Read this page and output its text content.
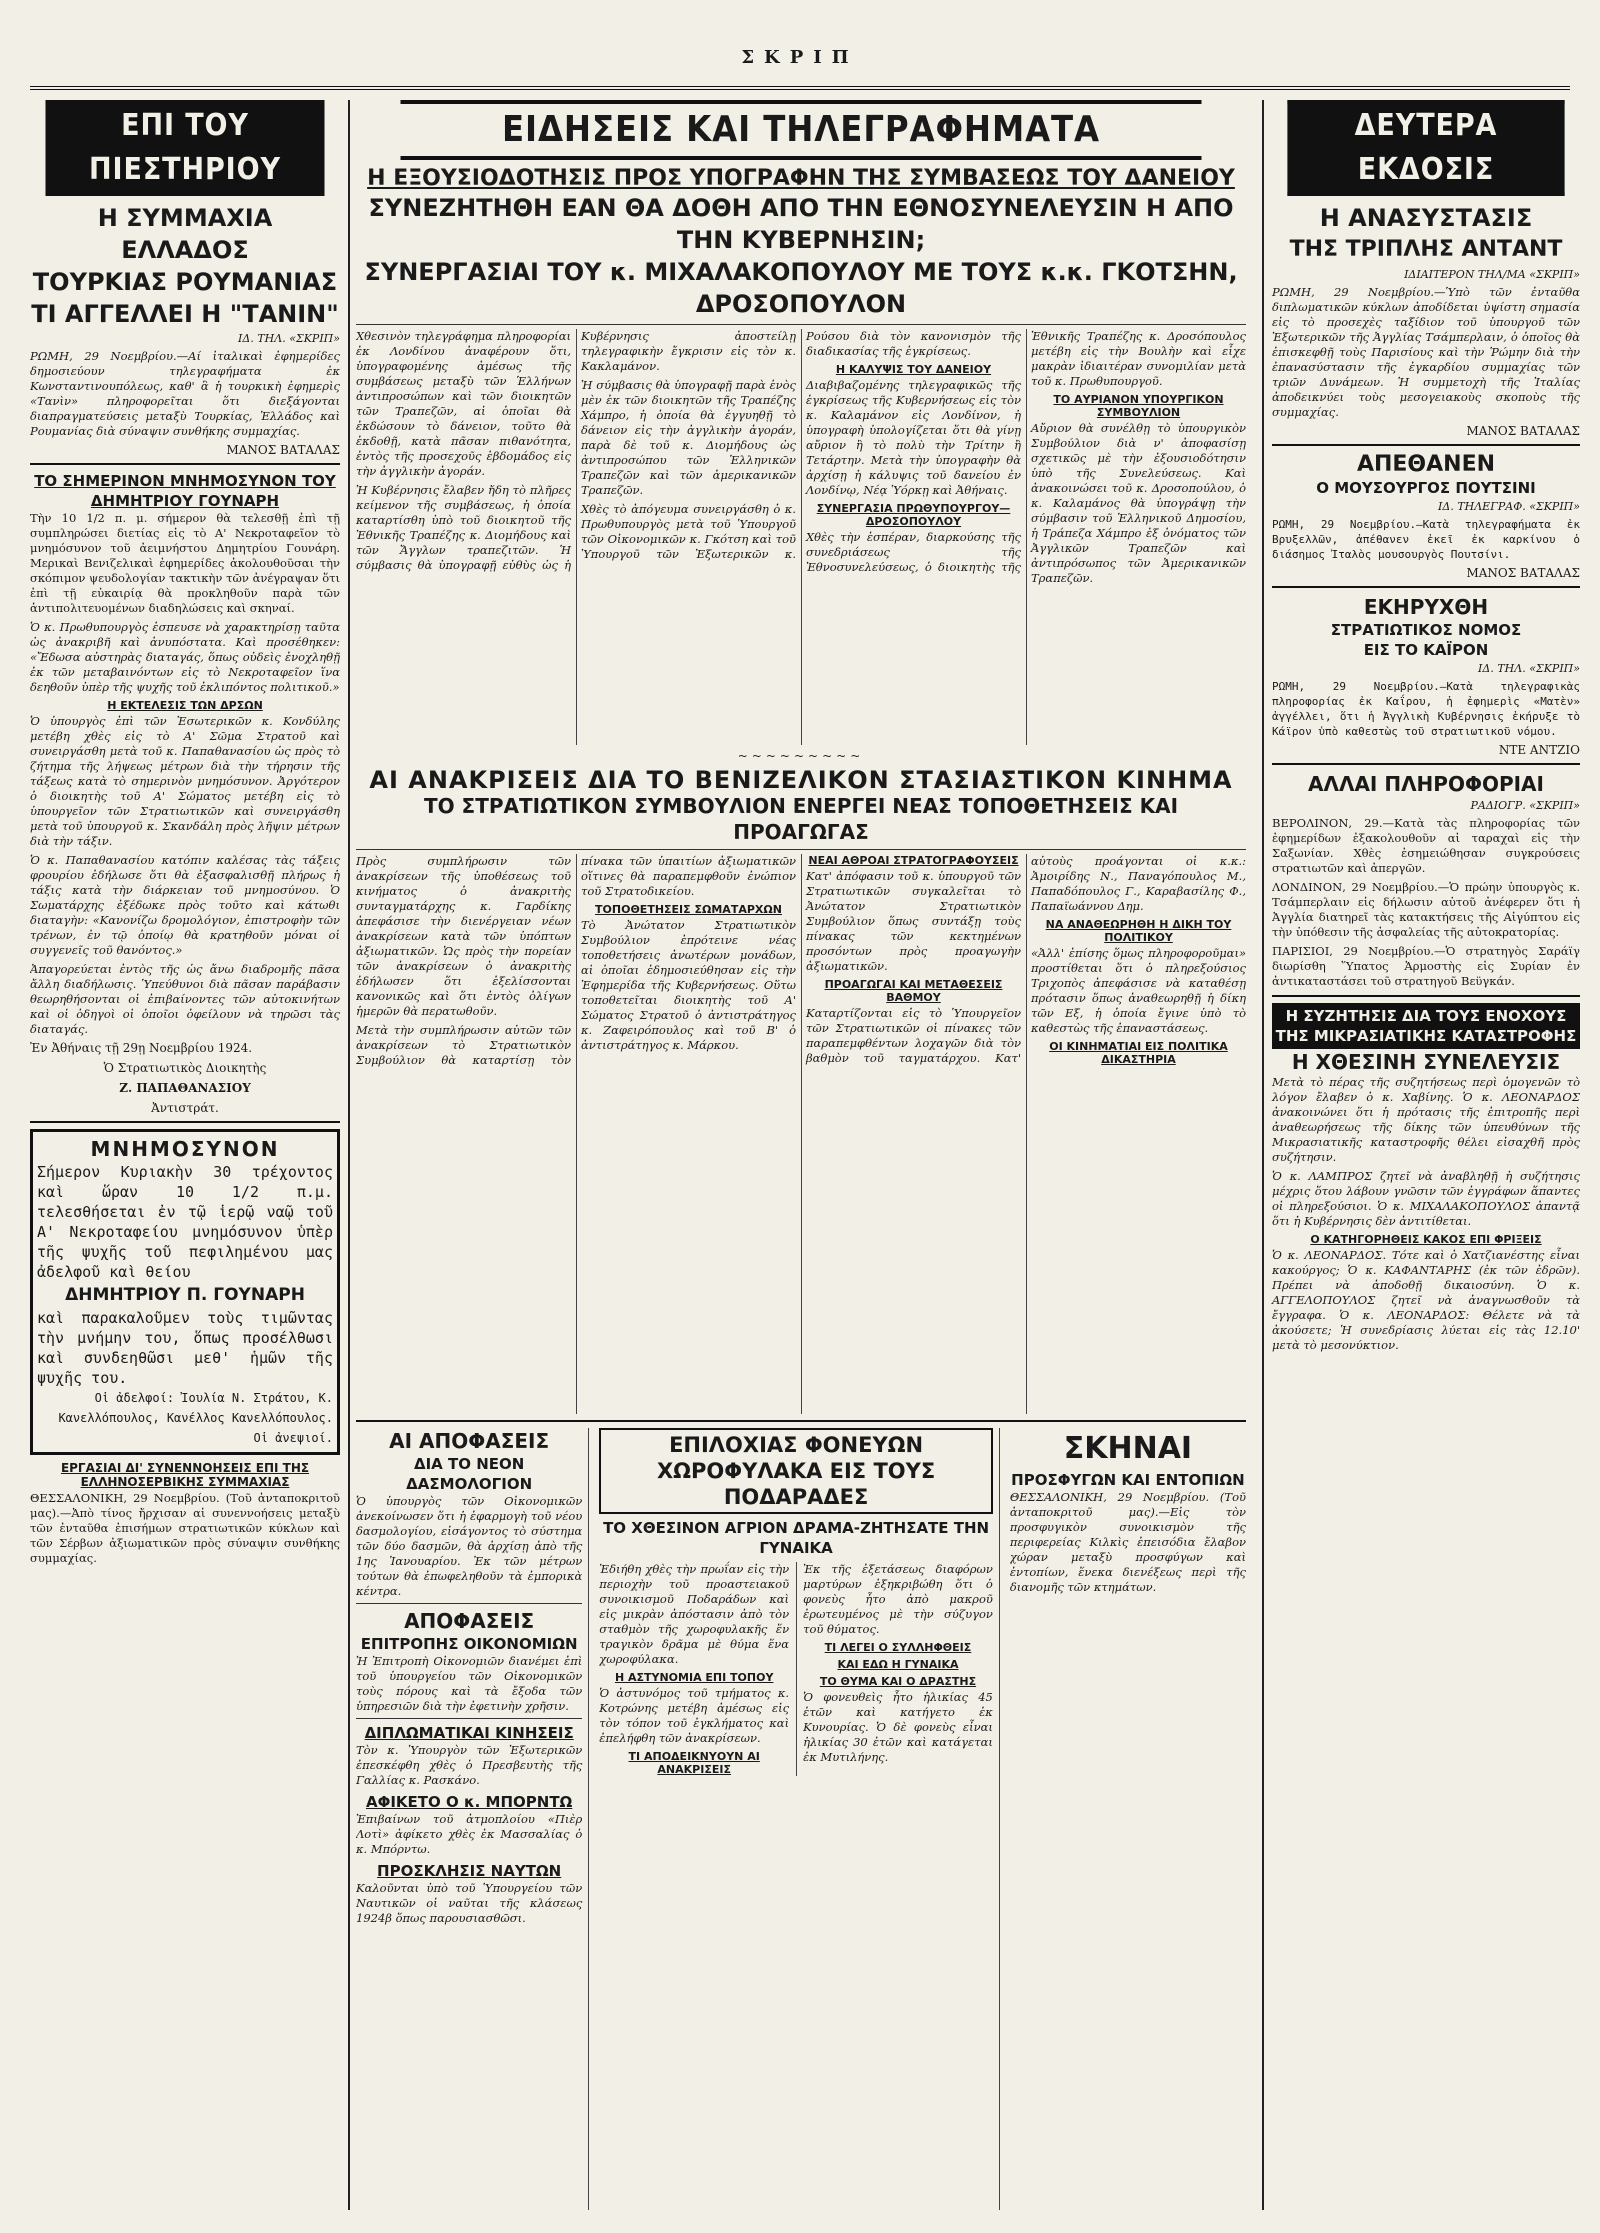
ΣΚΡΙΠ
ΕΠΙ ΤΟΥ ΠΙΕΣΤΗΡΙΟΥ
Η ΣΥΜΜΑΧΙΑ ΕΛΛΑΔΟΣ
ΤΟΥΡΚΙΑΣ ΡΟΥΜΑΝΙΑΣ
ΤΙ ΑΓΓΕΛΛΕΙ Η "ΤΑΝΙΝ"
ΙΔ. ΤΗΛ. «ΣΚΡΙΠ»

ΡΩΜΗ, 29 Νοεμβρίου.—Αί ἰταλικαὶ ἐφημερίδες δημοσιεύουν τηλεγραφήματα ἐκ Κωνσταντινουπόλεως, καθ' ἃ ἡ τουρκικὴ ἐφημερὶς «Τανὶν» πληροφορεῖται ὅτι διεξάγονται διαπραγματεύσεις μεταξὺ Τουρκίας, Ἑλλάδος καὶ Ρουμανίας διὰ σύναψιν συνθήκης συμμαχίας.

ΜΑΝΟΣ ΒΑΤΑΛΑΣ
ΤΟ ΣΗΜΕΡΙΝΟΝ ΜΝΗΜΟΣΥΝΟΝ ΤΟΥ ΔΗΜΗΤΡΙΟΥ ΓΟΥΝΑΡΗ

Τὴν 10 1/2 π. μ. σήμερον θὰ τελεσθῇ ἐπὶ τῇ συμπληρώσει διετίας εἰς τὸ Α' Νεκροταφεῖον τὸ μνημόσυνον τοῦ ἀειμνήστου Δημητρίου Γουνάρη. Μερικαὶ Βενιζελικαὶ ἐφημερίδες ἀκολουθοῦσαι τὴν σκόπιμον ψευδολογίαν τακτικὴν τῶν ἀνέγραψαν ὅτι ἐπὶ τῇ εὐκαιρίᾳ θὰ προκληθοῦν παρὰ τῶν ἀντιπολιτευομένων διαδηλώσεις καὶ σκηναί.

Ὁ κ. Πρωθυπουργὸς ἐσπευσε νὰ χαρακτηρίσῃ ταῦτα ὡς ἀνακριβῆ καὶ ἀνυπόστατα. Καὶ προσέθηκεν: «Ἔδωσα αὐστηρὰς διαταγάς, ὅπως οὐδεὶς ἐνοχληθῇ ἐκ τῶν μεταβαινόντων εἰς τὸ Νεκροταφεῖον ἵνα δεηθοῦν ὑπὲρ τῆς ψυχῆς τοῦ ἐκλιπόντος πολιτικοῦ.»

Η ΕΚΤΕΛΕΣΙΣ ΤΩΝ ΔΡΣΩΝ

Ὁ ὑπουργὸς ἐπὶ τῶν Ἐσωτερικῶν κ. Κονδύλης μετέβη χθὲς εἰς τὸ Α' Σῶμα Στρατοῦ καὶ συνειργάσθη μετὰ τοῦ κ. Παπαθανασίου ὡς πρὸς τὸ ζήτημα τῆς λήψεως μέτρων διὰ τὴν τήρησιν τῆς τάξεως κατὰ τὸ σημερινὸν μνημόσυνον. Ἀργότερον ὁ διοικητὴς τοῦ Α' Σώματος μετέβη εἰς τὸ ὑπουργεῖον τῶν Στρατιωτικῶν καὶ συνειργάσθη μετὰ τοῦ ὑπουργοῦ κ. Σκανδάλη πρὸς λῆψιν μέτρων διὰ τὴν τάξιν.

Ὁ κ. Παπαθανασίου κατόπιν καλέσας τὰς τάξεις φρουρίου ἐδήλωσε ὅτι θὰ ἐξασφαλισθῇ πλήρως ἡ τάξις κατὰ τὴν διάρκειαν τοῦ μνημοσύνου. Ὁ Σωματάρχης ἐξέδωκε πρὸς τοῦτο καὶ κάτωθι διαταγὴν: «Κανονίζω δρομολόγιον, ἐπιστροφὴν τῶν τρένων, ἐν τῷ ὁποίῳ θὰ κρατηθοῦν μόναι οἱ συγγενεῖς τοῦ θανόντος.»

Ἀπαγορεύεται ἐντὸς τῆς ὡς ἄνω διαδρομῆς πᾶσα ἄλλη διαδήλωσις. Ὑπεύθυνοι διὰ πᾶσαν παράβασιν θεωρηθήσονται οἱ ἐπιβαίνοντες τῶν αὐτοκινήτων καὶ οἱ ὁδηγοὶ οἱ ὁποῖοι ὀφείλουν νὰ τηρῶσι τὰς διαταγάς.

Ἐν Ἀθήναις τῇ 29ῃ Νοεμβρίου 1924.
Ὁ Στρατιωτικὸς Διοικητὴς
Ζ. ΠΑΠΑΘΑΝΑΣΙΟΥ
Ἀντιστράτ.
ΜΝΗΜΟΣΥΝΟΝ

Σήμερον Κυριακὴν 30 τρέχοντος καὶ ὥραν 10 1/2 π.μ. τελεσθήσεται ἐν τῷ ἱερῷ ναῷ τοῦ Α' Νεκροταφείου μνημόσυνον ὑπὲρ τῆς ψυχῆς τοῦ πεφιλημένου μας ἀδελφοῦ καὶ θείου

ΔΗΜΗΤΡΙΟΥ Π. ΓΟΥΝΑΡΗ

καὶ παρακαλοῦμεν τοὺς τιμῶντας τὴν μνήμην του, ὅπως προσέλθωσι καὶ συνδεηθῶσι μεθ' ἡμῶν τῆς ψυχῆς του.

Οἱ ἀδελφοί: Ἰουλία Ν. Στράτου, Κ. Κανελλόπουλος, Κανέλλος Κανελλόπουλος. Οἱ ἀνεψιοί.

ΕΡΓΑΣΙΑΙ ΔΙ' ΣΥΝΕΝΝΟΗΣΕΙΣ ΕΠΙ ΤΗΣ ΕΛΛΗΝΟΣΕΡΒΙΚΗΣ ΣΥΜΜΑΧΙΑΣ

ΘΕΣΣΑΛΟΝΙΚΗ, 29 Νοεμβρίου. (Τοῦ ἀνταποκριτοῦ μας).—Ἀπὸ τίνος ἤρχισαν αἱ συνεννοήσεις μεταξὺ τῶν ἐνταῦθα ἐπισήμων στρατιωτικῶν κύκλων καὶ τῶν Σέρβων ἀξιωματικῶν πρὸς σύναψιν συνθήκης συμμαχίας.

ΕΙΔΗΣΕΙΣ ΚΑΙ ΤΗΛΕΓΡΑΦΗΜΑΤΑ
Η ΕΞΟΥΣΙΟΔΟΤΗΣΙΣ ΠΡΟΣ ΥΠΟΓΡΑΦΗΝ ΤΗΣ ΣΥΜΒΑΣΕΩΣ ΤΟΥ ΔΑΝΕΙΟΥ
ΣΥΝΕΖΗΤΗΘΗ ΕΑΝ ΘΑ ΔΟΘΗ ΑΠΟ ΤΗΝ ΕΘΝΟΣΥΝΕΛΕΥΣΙΝ Η ΑΠΟ ΤΗΝ ΚΥΒΕΡΝΗΣΙΝ;
ΣΥΝΕΡΓΑΣΙΑΙ ΤΟΥ κ. ΜΙΧΑΛΑΚΟΠΟΥΛΟΥ ΜΕ ΤΟΥΣ κ.κ. ΓΚΟΤΣΗΝ, ΔΡΟΣΟΠΟΥΛΟΝ

Χθεσινὸν τηλεγράφημα πληροφορίαι ἐκ Λονδίνου ἀναφέρουν ὅτι, ὑπογραφομένης ἀμέσως τῆς συμβάσεως μεταξὺ τῶν Ἑλλήνων ἀντιπροσώπων καὶ τῶν διοικητῶν τῶν Τραπεζῶν, αἱ ὁποῖαι θὰ ἐκδώσουν τὸ δάνειον, τοῦτο θὰ ἐκδοθῇ, κατὰ πᾶσαν πιθανότητα, ἐντὸς τῆς προσεχοῦς ἑβδομάδος εἰς τὴν ἀγγλικὴν ἀγοράν.

Ἡ Κυβέρνησις ἔλαβεν ἤδη τὸ πλῆρες κείμενον τῆς συμβάσεως, ἡ ὁποία καταρτίσθη ὑπὸ τοῦ διοικητοῦ τῆς Ἐθνικῆς Τραπέζης κ. Διομήδους καὶ τῶν Ἄγγλων τραπεζιτῶν. Ἡ σύμβασις θὰ ὑπογραφῇ εὐθὺς ὡς ἡ Κυβέρνησις ἀποστείλῃ τηλεγραφικὴν ἔγκρισιν εἰς τὸν κ. Κακλαμάνον.

Ἡ σύμβασις θὰ ὑπογραφῇ παρὰ ἑνὸς μὲν ἐκ τῶν διοικητῶν τῆς Τραπέζης Χάμπρο, ἡ ὁποία θὰ ἐγγυηθῇ τὸ δάνειον εἰς τὴν ἀγγλικὴν ἀγοράν, παρὰ δὲ τοῦ κ. Διομήδους ὡς ἀντιπροσώπου τῶν Ἑλληνικῶν Τραπεζῶν καὶ τῶν ἀμερικανικῶν Τραπεζῶν.

Χθὲς τὸ ἀπόγευμα συνειργάσθη ὁ κ. Πρωθυπουργὸς μετὰ τοῦ Ὑπουργοῦ τῶν Οἰκονομικῶν κ. Γκότση καὶ τοῦ Ὑπουργοῦ τῶν Ἐξωτερικῶν κ. Ρούσου διὰ τὸν κανονισμὸν τῆς διαδικασίας τῆς ἐγκρίσεως.

Η ΚΑΛΥΨΙΣ ΤΟΥ ΔΑΝΕΙΟΥ

Διαβιβαζομένης τηλεγραφικῶς τῆς ἐγκρίσεως τῆς Κυβερνήσεως εἰς τὸν κ. Καλαμάνον εἰς Λονδίνον, ἡ ὑπογραφὴ ὑπολογίζεται ὅτι θὰ γίνῃ αὔριον ἢ τὸ πολὺ τὴν Τρίτην ἢ Τετάρτην. Μετὰ τὴν ὑπογραφὴν θὰ ἀρχίσῃ ἡ κάλυψις τοῦ δανείου ἐν Λονδίνῳ, Νέᾳ Ὑόρκῃ καὶ Ἀθήναις.

ΣΥΝΕΡΓΑΣΙΑ ΠΡΩΘΥΠΟΥΡΓΟΥ—ΔΡΟΣΟΠΟΥΛΟΥ

Χθὲς τὴν ἑσπέραν, διαρκούσης τῆς συνεδριάσεως τῆς Ἐθνοσυνελεύσεως, ὁ διοικητὴς τῆς Ἐθνικῆς Τραπέζης κ. Δροσόπουλος μετέβη εἰς τὴν Βουλὴν καὶ εἶχε μακρὰν ἰδιαιτέραν συνομιλίαν μετὰ τοῦ κ. Πρωθυπουργοῦ.

ΤΟ ΑΥΡΙΑΝΟΝ ΥΠΟΥΡΓΙΚΟΝ ΣΥΜΒΟΥΛΙΟΝ

Αὔριον θὰ συνέλθῃ τὸ ὑπουργικὸν Συμβούλιον διὰ ν' ἀποφασίσῃ σχετικῶς μὲ τὴν ἐξουσιοδότησιν ὑπὸ τῆς Συνελεύσεως. Καὶ ἀνακοινώσει τοῦ κ. Δροσοπούλου, ὁ κ. Καλαμάνος θὰ ὑπογράψῃ τὴν σύμβασιν τοῦ Ἑλληνικοῦ Δημοσίου, ἡ Τράπεζα Χάμπρο ἐξ ὀνόματος τῶν Ἀγγλικῶν Τραπεζῶν καὶ ἀντιπρόσωπος τῶν Ἀμερικανικῶν Τραπεζῶν.

~~~~~~~~~
ΑΙ ΑΝΑΚΡΙΣΕΙΣ ΔΙΑ ΤΟ ΒΕΝΙΖΕΛΙΚΟΝ ΣΤΑΣΙΑΣΤΙΚΟΝ ΚΙΝΗΜΑ
ΤΟ ΣΤΡΑΤΙΩΤΙΚΟΝ ΣΥΜΒΟΥΛΙΟΝ ΕΝΕΡΓΕΙ ΝΕΑΣ ΤΟΠΟΘΕΤΗΣΕΙΣ ΚΑΙ ΠΡΟΑΓΩΓΑΣ

Πρὸς συμπλήρωσιν τῶν ἀνακρίσεων τῆς ὑποθέσεως τοῦ κινήματος ὁ ἀνακριτὴς συνταγματάρχης κ. Γαρδίκης ἀπεφάσισε τὴν διενέργειαν νέων ἀνακρίσεων κατὰ τῶν ὑπόπτων ἀξιωματικῶν. Ὡς πρὸς τὴν πορείαν τῶν ἀνακρίσεων ὁ ἀνακριτὴς ἐδήλωσεν ὅτι ἐξελίσσονται κανονικῶς καὶ ὅτι ἐντὸς ὀλίγων ἡμερῶν θὰ περατωθοῦν.

Μετὰ τὴν συμπλήρωσιν αὐτῶν τῶν ἀνακρίσεων τὸ Στρατιωτικὸν Συμβούλιον θὰ καταρτίσῃ τὸν πίνακα τῶν ὑπαιτίων ἀξιωματικῶν οἵτινες θὰ παραπεμφθοῦν ἐνώπιον τοῦ Στρατοδικείου.

ΤΟΠΟΘΕΤΗΣΕΙΣ ΣΩΜΑΤΑΡΧΩΝ

Τὸ Ἀνώτατον Στρατιωτικὸν Συμβούλιον ἐπρότεινε νέας τοποθετήσεις ἀνωτέρων μονάδων, αἱ ὁποῖαι ἐδημοσιεύθησαν εἰς τὴν Ἐφημερίδα τῆς Κυβερνήσεως. Οὕτω τοποθετεῖται διοικητὴς τοῦ Α' Σώματος Στρατοῦ ὁ ἀντιστράτηγος κ. Ζαφειρόπουλος καὶ τοῦ Β' ὁ ἀντιστράτηγος κ. Μάρκου.

ΝΕΑΙ ΑΘΡΟΑΙ ΣΤΡΑΤΟΓΡΑΦΟΥΣΕΙΣ

Κατ' ἀπόφασιν τοῦ κ. ὑπουργοῦ τῶν Στρατιωτικῶν συγκαλεῖται τὸ Ἀνώτατον Στρατιωτικὸν Συμβούλιον ὅπως συντάξῃ τοὺς πίνακας τῶν κεκτημένων προσόντων πρὸς προαγωγὴν ἀξιωματικῶν.

ΠΡΟΑΓΩΓΑΙ ΚΑΙ ΜΕΤΑΘΕΣΕΙΣ ΒΑΘΜΟΥ

Καταρτίζονται εἰς τὸ Ὑπουργεῖον τῶν Στρατιωτικῶν οἱ πίνακες τῶν παραπεμφθέντων λοχαγῶν διὰ τὸν βαθμὸν τοῦ ταγματάρχου. Κατ' αὐτοὺς προάγονται οἱ κ.κ.: Ἀμοιρίδης Ν., Παναγόπουλος Μ., Παπαδόπουλος Γ., Καραβασίλης Φ., Παπαϊωάννου Δημ.

ΝΑ ΑΝΑΘΕΩΡΗΘΗ Η ΔΙΚΗ ΤΟΥ ΠΟΛΙΤΙΚΟΥ

«Ἀλλ' ἐπίσης ὅμως πληροφοροῦμαι» προστίθεται ὅτι ὁ πληρεξούσιος Τριχοπὸς ἀπεφάσισε νὰ καταθέσῃ πρότασιν ὅπως ἀναθεωρηθῇ ἡ δίκη τῶν Εξ, ἡ ὁποία ἔγινε ὑπὸ τὸ καθεστὼς τῆς ἐπαναστάσεως.

ΟΙ ΚΙΝΗΜΑΤΙΑΙ ΕΙΣ ΠΟΛΙΤΙΚΑ ΔΙΚΑΣΤΗΡΙΑ
ΑΙ ΑΠΟΦΑΣΕΙΣ
ΔΙΑ ΤΟ ΝΕΟΝ ΔΑΣΜΟΛΟΓΙΟΝ

Ὁ ὑπουργὸς τῶν Οἰκονομικῶν ἀνεκοίνωσεν ὅτι ἡ ἐφαρμογὴ τοῦ νέου δασμολογίου, εἰσάγοντος τὸ σύστημα τῶν δύο δασμῶν, θὰ ἀρχίσῃ ἀπὸ τῆς 1ης Ἰανουαρίου. Ἐκ τῶν μέτρων τούτων θὰ ἐπωφεληθοῦν τὰ ἐμπορικὰ κέντρα.

ΑΠΟΦΑΣΕΙΣ
ΕΠΙΤΡΟΠΗΣ ΟΙΚΟΝΟΜΙΩΝ

Ἡ Ἐπιτροπὴ Οἰκονομιῶν διανέμει ἐπὶ τοῦ ὑπουργείου τῶν Οἰκονομικῶν τοὺς πόρους καὶ τὰ ἔξοδα τῶν ὑπηρεσιῶν διὰ τὴν ἐφετινὴν χρῆσιν.

ΔΙΠΛΩΜΑΤΙΚΑΙ ΚΙΝΗΣΕΙΣ

Τὸν κ. Ὑπουργὸν τῶν Ἐξωτερικῶν ἐπεσκέφθη χθὲς ὁ Πρεσβευτὴς τῆς Γαλλίας κ. Ρασκάνο.

ΑΦΙΚΕΤΟ Ο κ. ΜΠΟΡΝΤΩ

Ἐπιβαίνων τοῦ ἀτμοπλοίου «Πιὲρ Λοτὶ» ἀφίκετο χθὲς ἐκ Μασσαλίας ὁ κ. Μπόρντω.

ΠΡΟΣΚΛΗΣΙΣ ΝΑΥΤΩΝ

Καλοῦνται ὑπὸ τοῦ Ὑπουργείου τῶν Ναυτικῶν οἱ ναῦται τῆς κλάσεως 1924β ὅπως παρουσιασθῶσι.

ΕΠΙΛΟΧΙΑΣ ΦΟΝΕΥΩΝ ΧΩΡΟΦΥΛΑΚΑ ΕΙΣ ΤΟΥΣ ΠΟΔΑΡΑΔΕΣ
ΤΟ ΧΘΕΣΙΝΟΝ ΑΓΡΙΟΝ ΔΡΑΜΑ-ΖΗΤΗΣΑΤΕ ΤΗΝ ΓΥΝΑΙΚΑ

Ἐδιήθη χθὲς τὴν πρωΐαν εἰς τὴν περιοχὴν τοῦ προαστειακοῦ συνοικισμοῦ Ποδαράδων καὶ εἰς μικρὰν ἀπόστασιν ἀπὸ τὸν σταθμὸν τῆς χωροφυλακῆς ἕν τραγικὸν δρᾶμα μὲ θύμα ἕνα χωροφύλακα.

Η ΑΣΤΥΝΟΜΙΑ ΕΠΙ ΤΟΠΟΥ

Ὁ ἀστυνόμος τοῦ τμήματος κ. Κοτρώνης μετέβη ἀμέσως εἰς τὸν τόπον τοῦ ἐγκλήματος καὶ ἐπελήφθη τῶν ἀνακρίσεων.

ΤΙ ΑΠΟΔΕΙΚΝΥΟΥΝ ΑΙ ΑΝΑΚΡΙΣΕΙΣ

Ἐκ τῆς ἐξετάσεως διαφόρων μαρτύρων ἐξηκριβώθη ὅτι ὁ φονεὺς ἦτο ἀπὸ μακροῦ ἐρωτευμένος μὲ τὴν σύζυγον τοῦ θύματος.

ΤΙ ΛΕΓΕΙ Ο ΣΥΛΛΗΦΘΕΙΣ
ΚΑΙ ΕΔΩ Η ΓΥΝΑΙΚΑ
ΤΟ ΘΥΜΑ ΚΑΙ Ο ΔΡΑΣΤΗΣ

Ὁ φονευθεὶς ἦτο ἡλικίας 45 ἐτῶν καὶ κατήγετο ἐκ Κυνουρίας. Ὁ δὲ φονεὺς εἶναι ἡλικίας 30 ἐτῶν καὶ κατάγεται ἐκ Μυτιλήνης.

ΣΚΗΝΑΙ
ΠΡΟΣΦΥΓΩΝ ΚΑΙ ΕΝΤΟΠΙΩΝ

ΘΕΣΣΑΛΟΝΙΚΗ, 29 Νοεμβρίου. (Τοῦ ἀνταποκριτοῦ μας).—Εἰς τὸν προσφυγικὸν συνοικισμὸν τῆς περιφερείας Κιλκὶς ἐπεισόδια ἔλαβον χώραν μεταξὺ προσφύγων καὶ ἐντοπίων, ἕνεκα διενέξεως περὶ τῆς διανομῆς τῶν κτημάτων.

ΔΕΥΤΕΡΑ ΕΚΔΟΣΙΣ
Η ΑΝΑΣΥΣΤΑΣΙΣ
ΤΗΣ ΤΡΙΠΛΗΣ ΑΝΤΑΝΤ
ΙΔΙΑΙΤΕΡΟΝ ΤΗΛ/ΜΑ «ΣΚΡΙΠ»

ΡΩΜΗ, 29 Νοεμβρίου.—Ὑπὸ τῶν ἐνταῦθα διπλωματικῶν κύκλων ἀποδίδεται ὑψίστη σημασία εἰς τὸ προσεχὲς ταξίδιον τοῦ ὑπουργοῦ τῶν Ἐξωτερικῶν τῆς Ἀγγλίας Τσάμπερλαιν, ὁ ὁποῖος θὰ ἐπισκεφθῇ τοὺς Παρισίους καὶ τὴν Ῥώμην διὰ τὴν ἐπανασύστασιν τῆς ἐγκαρδίου συμμαχίας τῶν τριῶν Δυνάμεων. Ἡ συμμετοχὴ τῆς Ἰταλίας ἀποδεικνύει τοὺς μεσογειακοὺς σκοποὺς τῆς συμμαχίας.

ΜΑΝΟΣ ΒΑΤΑΛΑΣ
ΑΠΕΘΑΝΕΝ
Ο ΜΟΥΣΟΥΡΓΟΣ ΠΟΥΤΣΙΝΙ
ΙΔ. ΤΗΛΕΓΡΑΦ. «ΣΚΡΙΠ»

ΡΩΜΗ, 29 Νοεμβρίου.—Κατὰ τηλεγραφήματα ἐκ Βρυξελλῶν, ἀπέθανεν ἐκεῖ ἐκ καρκίνου ὁ διάσημος Ἰταλὸς μουσουργὸς Πουτσίνι.

ΜΑΝΟΣ ΒΑΤΑΛΑΣ
ΕΚΗΡΥΧΘΗ
ΣΤΡΑΤΙΩΤΙΚΟΣ ΝΟΜΟΣ
ΕΙΣ ΤΟ ΚΑΪΡΟΝ
ΙΔ. ΤΗΛ. «ΣΚΡΙΠ»

ΡΩΜΗ, 29 Νοεμβρίου.—Κατὰ τηλεγραφικὰς πληροφορίας ἐκ Καΐρου, ἡ ἐφημερὶς «Ματὲν» ἀγγέλλει, ὅτι ἡ Ἀγγλικὴ Κυβέρνησις ἐκήρυξε τὸ Κάϊρον ὑπὸ καθεστὼς τοῦ στρατιωτικοῦ νόμου.

ΝΤΕ ΑΝΤΖΙΟ
ΑΛΛΑΙ ΠΛΗΡΟΦΟΡΙΑΙ
ΡΑΔΙΟΓΡ. «ΣΚΡΙΠ»

ΒΕΡΟΛΙΝΟΝ, 29.—Κατὰ τὰς πληροφορίας τῶν ἐφημερίδων ἐξακολουθοῦν αἱ ταραχαὶ εἰς τὴν Σαξωνίαν. Χθὲς ἐσημειώθησαν συγκρούσεις στρατιωτῶν καὶ ἀπεργῶν.

ΛΟΝΔΙΝΟΝ, 29 Νοεμβρίου.—Ὁ πρώην ὑπουργὸς κ. Τσάμπερλαιν εἰς δήλωσιν αὐτοῦ ἀνέφερεν ὅτι ἡ Ἀγγλία διατηρεῖ τὰς κατακτήσεις τῆς Αἰγύπτου εἰς τὴν ὑπόθεσιν τῆς ἀσφαλείας τῆς αὐτοκρατορίας.

ΠΑΡΙΣΙΟΙ, 29 Νοεμβρίου.—Ὁ στρατηγὸς Σαράϊγ διωρίσθη Ὕπατος Ἁρμοστὴς εἰς Συρίαν ἐν ἀντικαταστάσει τοῦ στρατηγοῦ Βεϋγκάν.

Η ΣΥΖΗΤΗΣΙΣ ΔΙΑ ΤΟΥΣ ΕΝΟΧΟΥΣ ΤΗΣ ΜΙΚΡΑΣΙΑΤΙΚΗΣ ΚΑΤΑΣΤΡΟΦΗΣ
Η ΧΘΕΣΙΝΗ ΣΥΝΕΛΕΥΣΙΣ

Μετὰ τὸ πέρας τῆς συζητήσεως περὶ ὁμογενῶν τὸ λόγον ἔλαβεν ὁ κ. Χαβίνης. Ὁ κ. ΛΕΟΝΑΡΔΟΣ ἀνακοινώνει ὅτι ἡ πρότασις τῆς ἐπιτροπῆς περὶ ἀναθεωρήσεως τῆς δίκης τῶν ὑπευθύνων τῆς Μικρασιατικῆς καταστροφῆς θέλει εἰσαχθῆ πρὸς συζήτησιν.

Ὁ κ. ΛΑΜΠΡΟΣ ζητεῖ νὰ ἀναβληθῇ ἡ συζήτησις μέχρις ὅτου λάβουν γνῶσιν τῶν ἐγγράφων ἅπαντες οἱ πληρεξούσιοι. Ὁ κ. ΜΙΧΑΛΑΚΟΠΟΥΛΟΣ ἀπαντᾷ ὅτι ἡ Κυβέρνησις δὲν ἀντιτίθεται.

Ο ΚΑΤΗΓΟΡΗΘΕΙΣ ΚΑΚΟΣ ΕΠΙ ΦΡΙΞΕΙΣ

Ὁ κ. ΛΕΟΝΑΡΔΟΣ. Τότε καὶ ὁ Χατζιανέστης εἶναι κακούργος; Ὁ κ. ΚΑΦΑΝΤΑΡΗΣ (ἐκ τῶν ἐδρῶν). Πρέπει νὰ ἀποδοθῇ δικαιοσύνη. Ὁ κ. ΑΓΓΕΛΟΠΟΥΛΟΣ ζητεῖ νὰ ἀναγνωσθοῦν τὰ ἔγγραφα. Ὁ κ. ΛΕΟΝΑΡΔΟΣ: Θέλετε νὰ τὰ ἀκούσετε; Ἡ συνεδρίασις λύεται εἰς τὰς 12.10' μετὰ τὸ μεσονύκτιον.
